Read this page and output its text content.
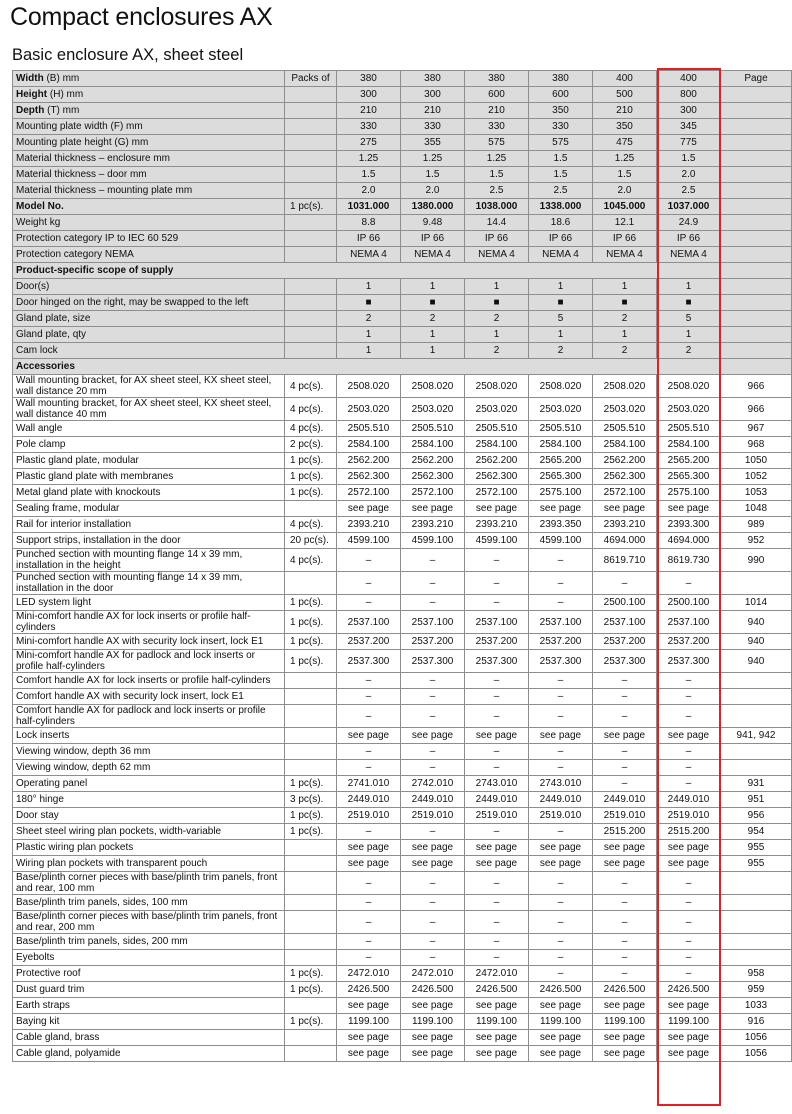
Compact enclosures AX
Basic enclosure AX, sheet steel
Width (B) mm	Packs of	380	380	380	380	400	400	Page
Height (H) mm		300	300	600	600	500	800	
Depth (T) mm		210	210	210	350	210	300	
Mounting plate width (F) mm		330	330	330	330	350	345	
Mounting plate height (G) mm		275	355	575	575	475	775	
Material thickness – enclosure mm		1.25	1.25	1.25	1.5	1.25	1.5	
Material thickness – door mm		1.5	1.5	1.5	1.5	1.5	2.0	
Material thickness – mounting plate mm		2.0	2.0	2.5	2.5	2.0	2.5	
Model No.	1 pc(s).	1031.000	1380.000	1038.000	1338.000	1045.000	1037.000	
Weight kg		8.8	9.48	14.4	18.6	12.1	24.9	
Protection category IP to IEC 60 529		IP 66	IP 66	IP 66	IP 66	IP 66	IP 66	
Protection category NEMA		NEMA 4	NEMA 4	NEMA 4	NEMA 4	NEMA 4	NEMA 4	
Product-specific scope of supply								
Door(s)		1	1	1	1	1	1	
Door hinged on the right, may be swapped to the left		■	■	■	■	■	■	
Gland plate, size		2	2	2	5	2	5	
Gland plate, qty		1	1	1	1	1	1	
Cam lock		1	1	2	2	2	2	
Accessories								
Wall mounting bracket, for AX sheet steel, KX sheet steel, wall distance 20 mm	4 pc(s).	2508.020	2508.020	2508.020	2508.020	2508.020	2508.020	966
Wall mounting bracket, for AX sheet steel, KX sheet steel, wall distance 40 mm	4 pc(s).	2503.020	2503.020	2503.020	2503.020	2503.020	2503.020	966
Wall angle	4 pc(s).	2505.510	2505.510	2505.510	2505.510	2505.510	2505.510	967
Pole clamp	2 pc(s).	2584.100	2584.100	2584.100	2584.100	2584.100	2584.100	968
Plastic gland plate, modular	1 pc(s).	2562.200	2562.200	2562.200	2565.200	2562.200	2565.200	1050
Plastic gland plate with membranes	1 pc(s).	2562.300	2562.300	2562.300	2565.300	2562.300	2565.300	1052
Metal gland plate with knockouts	1 pc(s).	2572.100	2572.100	2572.100	2575.100	2572.100	2575.100	1053
Sealing frame, modular		see page	see page	see page	see page	see page	see page	1048
Rail for interior installation	4 pc(s).	2393.210	2393.210	2393.210	2393.350	2393.210	2393.300	989
Support strips, installation in the door	20 pc(s).	4599.100	4599.100	4599.100	4599.100	4694.000	4694.000	952
Punched section with mounting flange 14 x 39 mm, installation in the height	4 pc(s).	–	–	–	–	8619.710	8619.730	990
Punched section with mounting flange 14 x 39 mm, installation in the door		–	–	–	–	–	–	
LED system light	1 pc(s).	–	–	–	–	2500.100	2500.100	1014
Mini-comfort handle AX for lock inserts or profile half-cylinders	1 pc(s).	2537.100	2537.100	2537.100	2537.100	2537.100	2537.100	940
Mini-comfort handle AX with security lock insert, lock E1	1 pc(s).	2537.200	2537.200	2537.200	2537.200	2537.200	2537.200	940
Mini-comfort handle AX for padlock and lock inserts or profile half-cylinders	1 pc(s).	2537.300	2537.300	2537.300	2537.300	2537.300	2537.300	940
Comfort handle AX for lock inserts or profile half-cylinders		–	–	–	–	–	–	
Comfort handle AX with security lock insert, lock E1		–	–	–	–	–	–	
Comfort handle AX for padlock and lock inserts or profile half-cylinders		–	–	–	–	–	–	
Lock inserts		see page	see page	see page	see page	see page	see page	941, 942
Viewing window, depth 36 mm		–	–	–	–	–	–	
Viewing window, depth 62 mm		–	–	–	–	–	–	
Operating panel	1 pc(s).	2741.010	2742.010	2743.010	2743.010	–	–	931
180° hinge	3 pc(s).	2449.010	2449.010	2449.010	2449.010	2449.010	2449.010	951
Door stay	1 pc(s).	2519.010	2519.010	2519.010	2519.010	2519.010	2519.010	956
Sheet steel wiring plan pockets, width-variable	1 pc(s).	–	–	–	–	2515.200	2515.200	954
Plastic wiring plan pockets		see page	see page	see page	see page	see page	see page	955
Wiring plan pockets with transparent pouch		see page	see page	see page	see page	see page	see page	955
Base/plinth corner pieces with base/plinth trim panels, front and rear, 100 mm		–	–	–	–	–	–	
Base/plinth trim panels, sides, 100 mm		–	–	–	–	–	–	
Base/plinth corner pieces with base/plinth trim panels, front and rear, 200 mm		–	–	–	–	–	–	
Base/plinth trim panels, sides, 200 mm		–	–	–	–	–	–	
Eyebolts		–	–	–	–	–	–	
Protective roof	1 pc(s).	2472.010	2472.010	2472.010	–	–	–	958
Dust guard trim	1 pc(s).	2426.500	2426.500	2426.500	2426.500	2426.500	2426.500	959
Earth straps		see page	see page	see page	see page	see page	see page	1033
Baying kit	1 pc(s).	1199.100	1199.100	1199.100	1199.100	1199.100	1199.100	916
Cable gland, brass		see page	see page	see page	see page	see page	see page	1056
Cable gland, polyamide		see page	see page	see page	see page	see page	see page	1056
